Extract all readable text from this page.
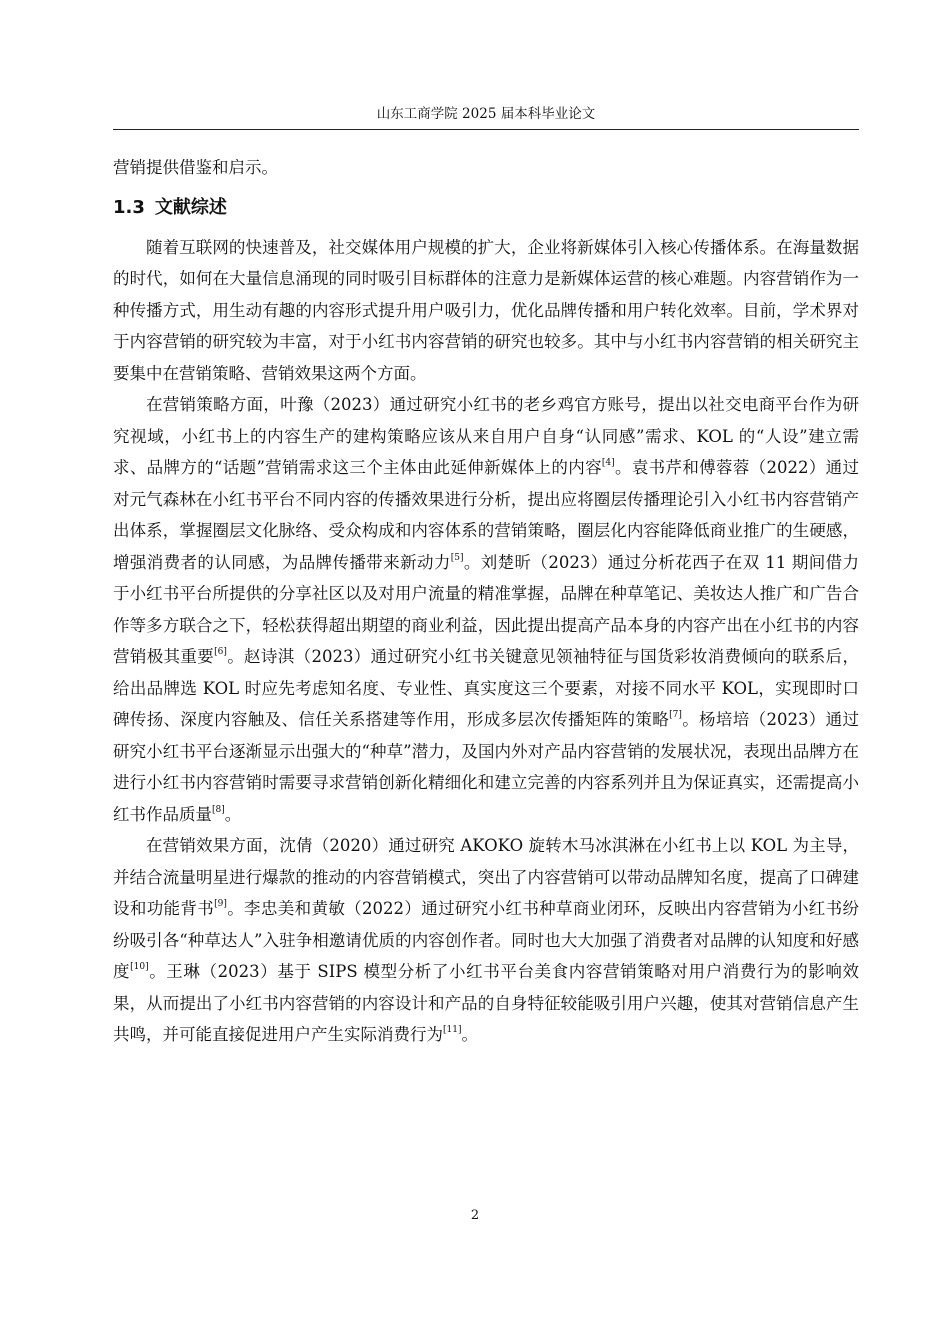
山东工商学院 2025 届本科毕业论文

营销提供借鉴和启示。

1.3 文献综述

随着互联网的快速普及，社交媒体用户规模的扩大，企业将新媒体引入核心传播体系。在海量数据的时代，如何在大量信息涌现的同时吸引目标群体的注意力是新媒体运营的核心难题。内容营销作为一种传播方式，用生动有趣的内容形式提升用户吸引力，优化品牌传播和用户转化效率。目前，学术界对于内容营销的研究较为丰富，对于小红书内容营销的研究也较多。其中与小红书内容营销的相关研究主要集中在营销策略、营销效果这两个方面。

在营销策略方面，叶豫（2023）通过研究小红书的老乡鸡官方账号，提出以社交电商平台作为研究视域，小红书上的内容生产的建构策略应该从来自用户自身“认同感”需求、KOL 的“人设”建立需求、品牌方的“话题”营销需求这三个主体由此延伸新媒体上的内容[4]。袁书芹和傅蓉蓉（2022）通过对元气森林在小红书平台不同内容的传播效果进行分析，提出应将圈层传播理论引入小红书内容营销产出体系，掌握圈层文化脉络、受众构成和内容体系的营销策略，圈层化内容能降低商业推广的生硬感，增强消费者的认同感，为品牌传播带来新动力[5]。刘楚昕（2023）通过分析花西子在双 11 期间借力于小红书平台所提供的分享社区以及对用户流量的精准掌握，品牌在种草笔记、美妆达人推广和广告合作等多方联合之下，轻松获得超出期望的商业利益，因此提出提高产品本身的内容产出在小红书的内容营销极其重要[6]。赵诗淇（2023）通过研究小红书关键意见领袖特征与国货彩妆消费倾向的联系后，给出品牌选 KOL 时应先考虑知名度、专业性、真实度这三个要素，对接不同水平 KOL，实现即时口碑传扬、深度内容触及、信任关系搭建等作用，形成多层次传播矩阵的策略[7]。杨培培（2023）通过研究小红书平台逐渐显示出强大的“种草”潜力，及国内外对产品内容营销的发展状况，表现出品牌方在进行小红书内容营销时需要寻求营销创新化精细化和建立完善的内容系列并且为保证真实，还需提高小红书作品质量[8]。

在营销效果方面，沈倩（2020）通过研究 AKOKO 旋转木马冰淇淋在小红书上以 KOL 为主导，并结合流量明星进行爆款的推动的内容营销模式，突出了内容营销可以带动品牌知名度，提高了口碑建设和功能背书[9]。李忠美和黄敏（2022）通过研究小红书种草商业闭环，反映出内容营销为小红书纷纷吸引各“种草达人”入驻争相邀请优质的内容创作者。同时也大大加强了消费者对品牌的认知度和好感度[10]。王琳（2023）基于 SIPS 模型分析了小红书平台美食内容营销策略对用户消费行为的影响效果，从而提出了小红书内容营销的内容设计和产品的自身特征较能吸引用户兴趣，使其对营销信息产生共鸣，并可能直接促进用户产生实际消费行为[11]。

2
